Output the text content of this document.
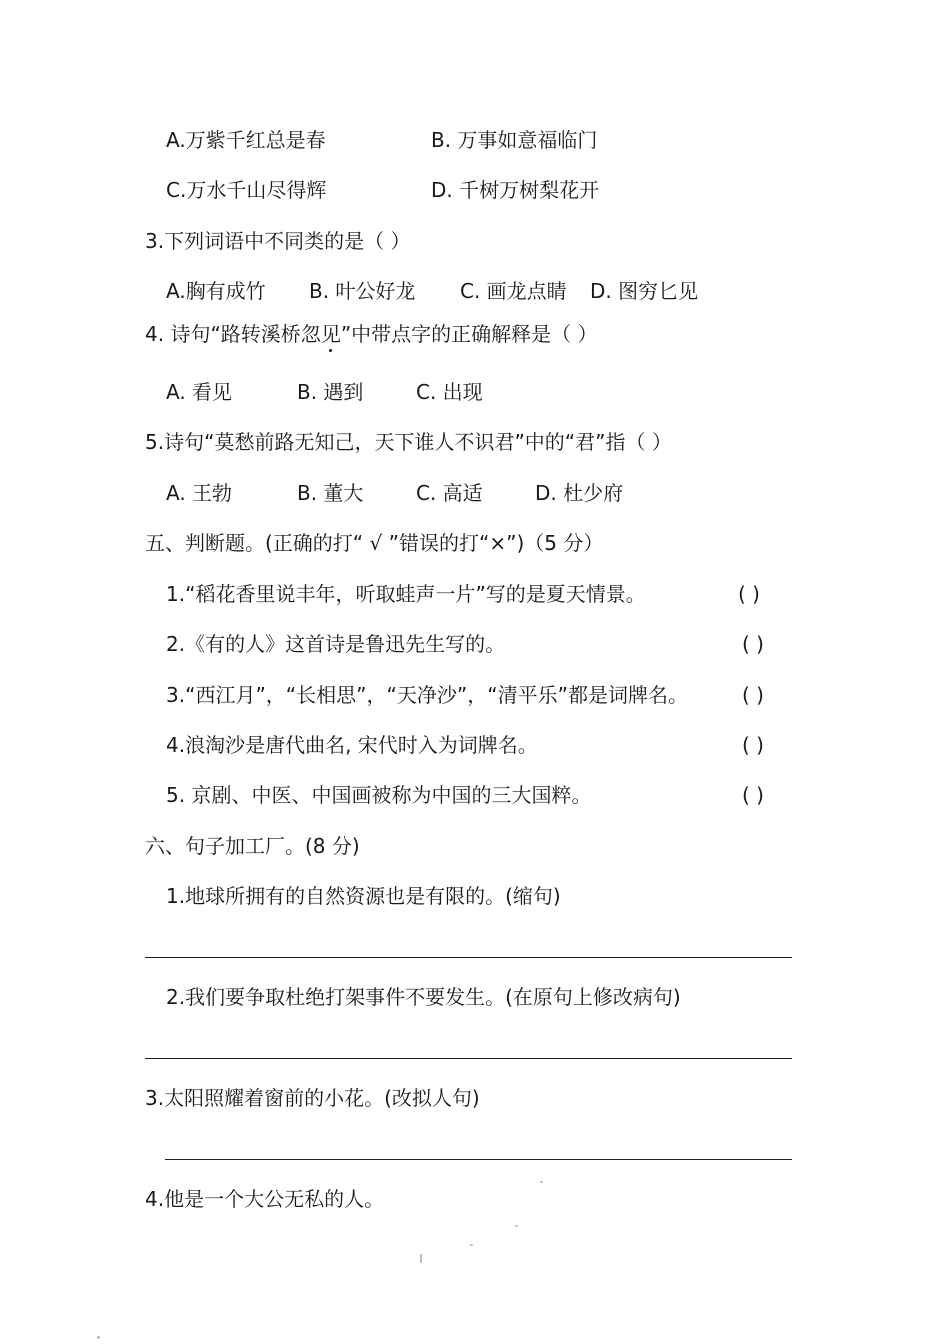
A.万紫千红总是春	B. 万事如意福临门
C.万水千山尽得辉	D. 千树万树梨花开
3.下列词语中不同类的是（ ）
A.胸有成竹 B. 叶公好龙 C. 画龙点睛 D. 图穷匕见
4. 诗句“路转溪桥忽见”中带点字的正确解释是（ ）
A. 看见	B. 遇到	C. 出现
5.诗句“莫愁前路无知己，天下谁人不识君”中的“君”指（ ）
A. 王勃	B. 董大	C. 高适	D. 杜少府
五、判断题。(正确的打“ √ ”错误的打“×”)（5 分）
1.“稻花香里说丰年，听取蛙声一片”写的是夏天情景。	( )
2.《有的人》这首诗是鲁迅先生写的。	( )
3.“西江月”，“长相思”，“天净沙”，“清平乐”都是词牌名。	( )
4.浪淘沙是唐代曲名, 宋代时入为词牌名。	( )
5. 京剧、中医、中国画被称为中国的三大国粹。	( )
六、句子加工厂。(8 分)
1.地球所拥有的自然资源也是有限的。(缩句)
2.我们要争取杜绝打架事件不要发生。(在原句上修改病句)
3.太阳照耀着窗前的小花。(改拟人句)
4.他是一个大公无私的人。
